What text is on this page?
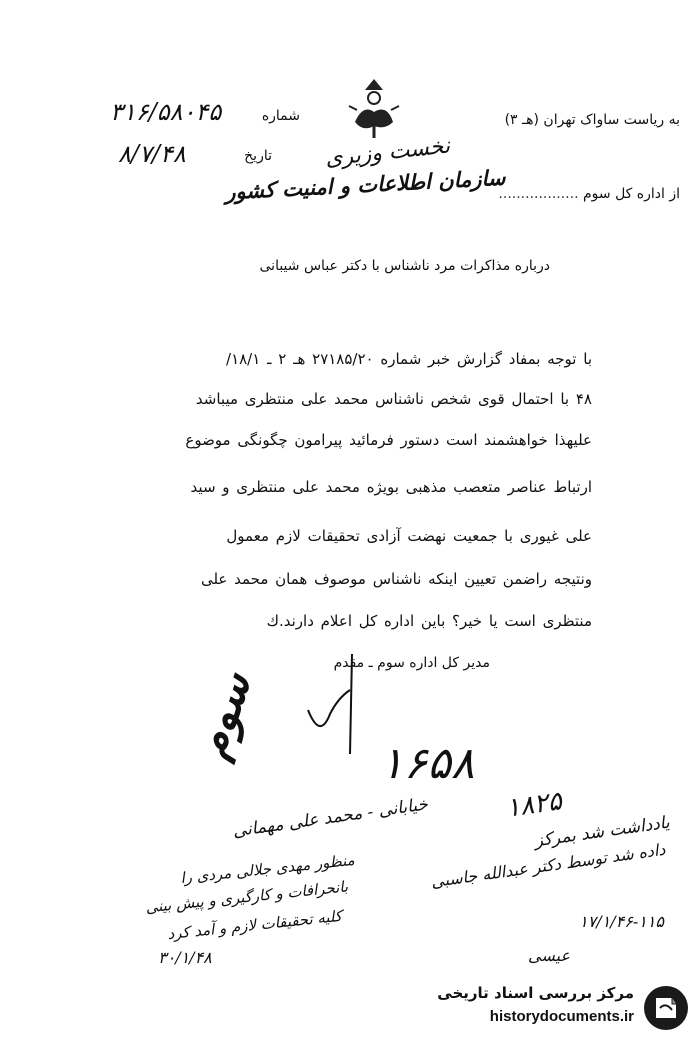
به ریاست ساواک تهران (هـ ۳)
شماره
۳۱۶/۵۸۰۴۵
تاریخ
۸/۷/۴۸	نخست وزیری
سازمان اطلاعات و امنیت کشور	از اداره کل سوم ..................
درباره مذاکرات مرد ناشناس با دکتر عباس شیبانی
با توجه بمفاد گزارش خبر شماره ۲۷۱۸۵/۲۰ هـ ۲ ـ ۱۸/۱/
۴۸ با احتمال قوی شخص ناشناس محمد علی منتظری میباشد
علیهذا خواهشمند است دستور فرمائید پیرامون چگونگی موضوع
ارتباط عناصر متعصب مذهبی بویژه محمد علی منتظری و سید
علی غیوری با جمعیت نهضت آزادی تحقیقات لازم معمول
ونتیجه راضمن تعیین اینکه ناشناس موصوف همان محمد علی
منتظری است یا خیر؟ باین اداره کل اعلام دارند.ك
مدیر کل اداره سوم ـ مقدم
۱۶۵۸
سوم
خیابانی - محمد علی مهمانی	۱۸۲۵
یادداشت شد بمرکز
داده شد توسط دکتر عبدالله جاسبی
۱۷/۱/۴۶-۱۱۵
عیسی
منظور مهدی جلالی مردی را
بانحرافات و کارگیری و پیش بینی
کلیه تحقیقات لازم و آمد کرد
۳۰/۱/۴۸
مرکز بررسی اسناد تاریخی
historydocuments.ir
